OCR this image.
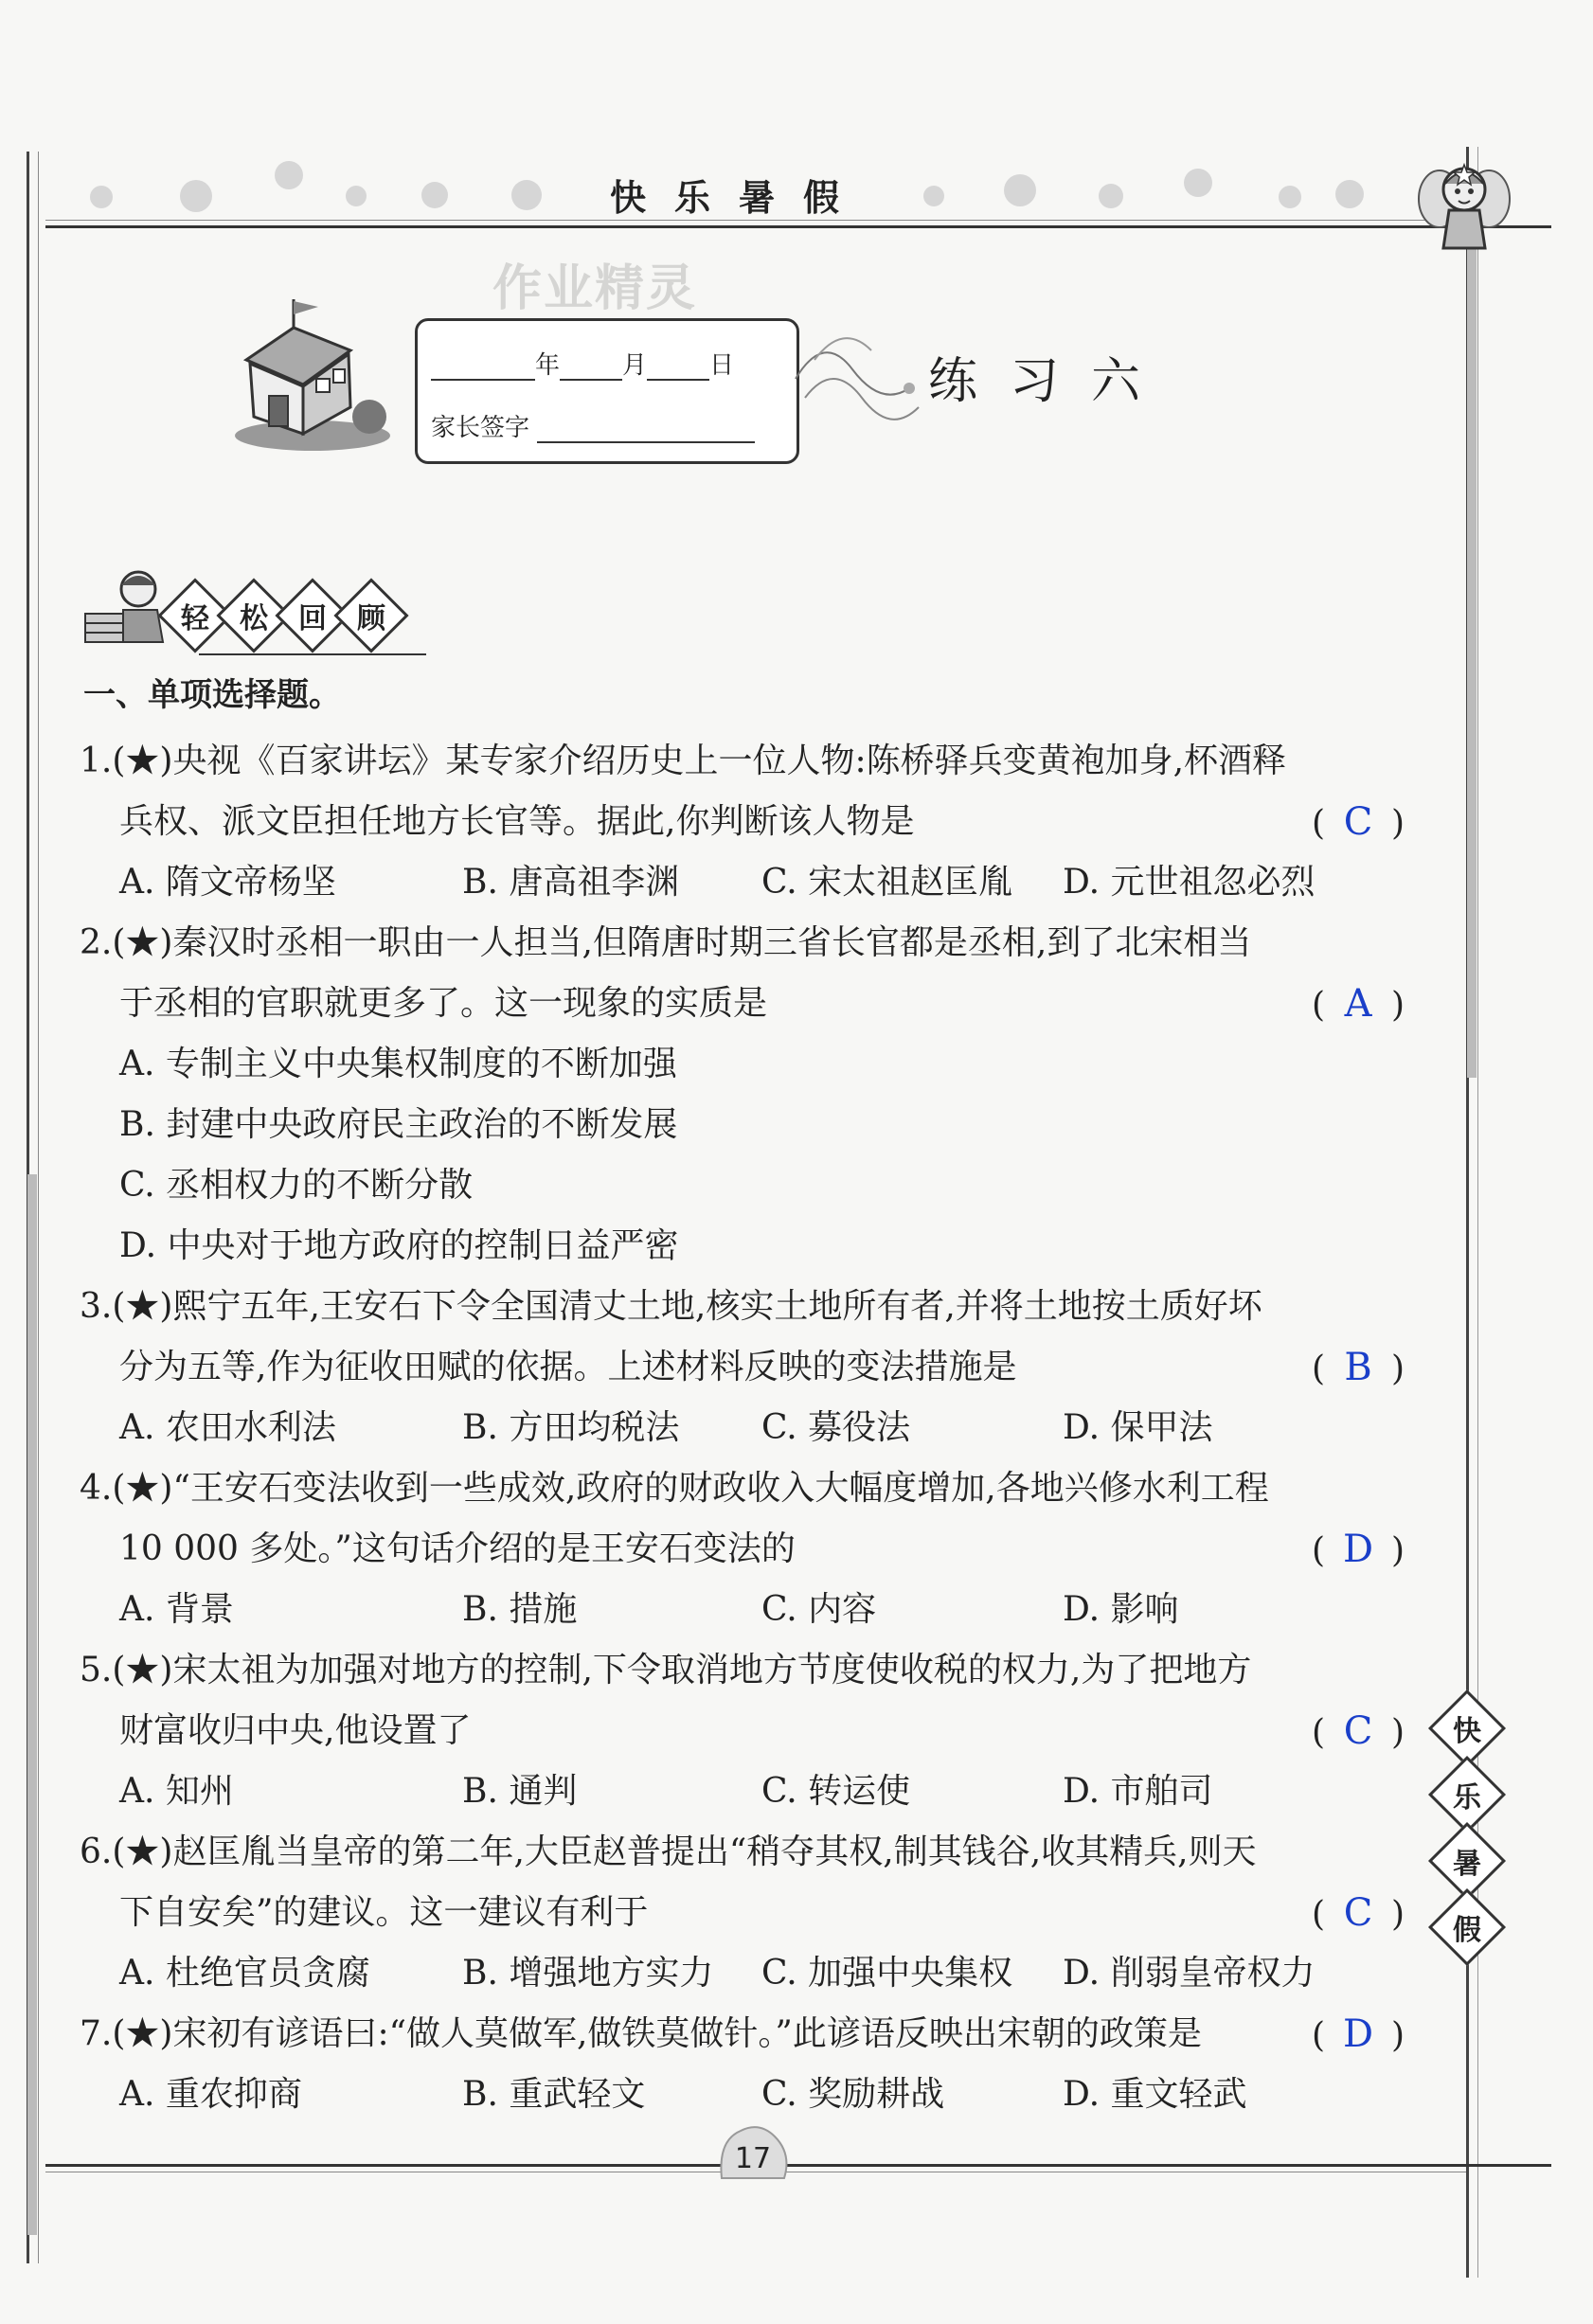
快乐暑假
作业精灵
年	月	日
家长签字
练习六
轻 松 回 顾
一、单项选择题。
1.(★)央视《百家讲坛》某专家介绍历史上一位人物:陈桥驿兵变黄袍加身,杯酒释
兵权、派文臣担任地方长官等。据此,你判断该人物是	( C )
A. 隋文帝杨坚	B. 唐高祖李渊 C. 宋太祖赵匡胤 D. 元世祖忽必烈
2.(★)秦汉时丞相一职由一人担当,但隋唐时期三省长官都是丞相,到了北宋相当
于丞相的官职就更多了。这一现象的实质是	( A )
A. 专制主义中央集权制度的不断加强
B. 封建中央政府民主政治的不断发展
C. 丞相权力的不断分散
D. 中央对于地方政府的控制日益严密
3.(★)熙宁五年,王安石下令全国清丈土地,核实土地所有者,并将土地按土质好坏
分为五等,作为征收田赋的依据。上述材料反映的变法措施是	( B )
A. 农田水利法	B. 方田均税法 C. 募役法	D. 保甲法
4.(★)“王安石变法收到一些成效,政府的财政收入大幅度增加,各地兴修水利工程
10 000 多处。”这句话介绍的是王安石变法的	( D )
A. 背景	B. 措施	C. 内容	D. 影响
5.(★)宋太祖为加强对地方的控制,下令取消地方节度使收税的权力,为了把地方
财富收归中央,他设置了	( C )
A. 知州	B. 通判	C. 转运使	D. 市舶司
6.(★)赵匡胤当皇帝的第二年,大臣赵普提出“稍夺其权,制其钱谷,收其精兵,则天
下自安矣”的建议。这一建议有利于	( C )
A. 杜绝官员贪腐	B. 增强地方实力 C. 加强中央集权 D. 削弱皇帝权力
7.(★)宋初有谚语曰:“做人莫做军,做铁莫做针。”此谚语反映出宋朝的政策是	( D )
A. 重农抑商	B. 重武轻文	C. 奖励耕战	D. 重文轻武
快
乐
暑
假
17
